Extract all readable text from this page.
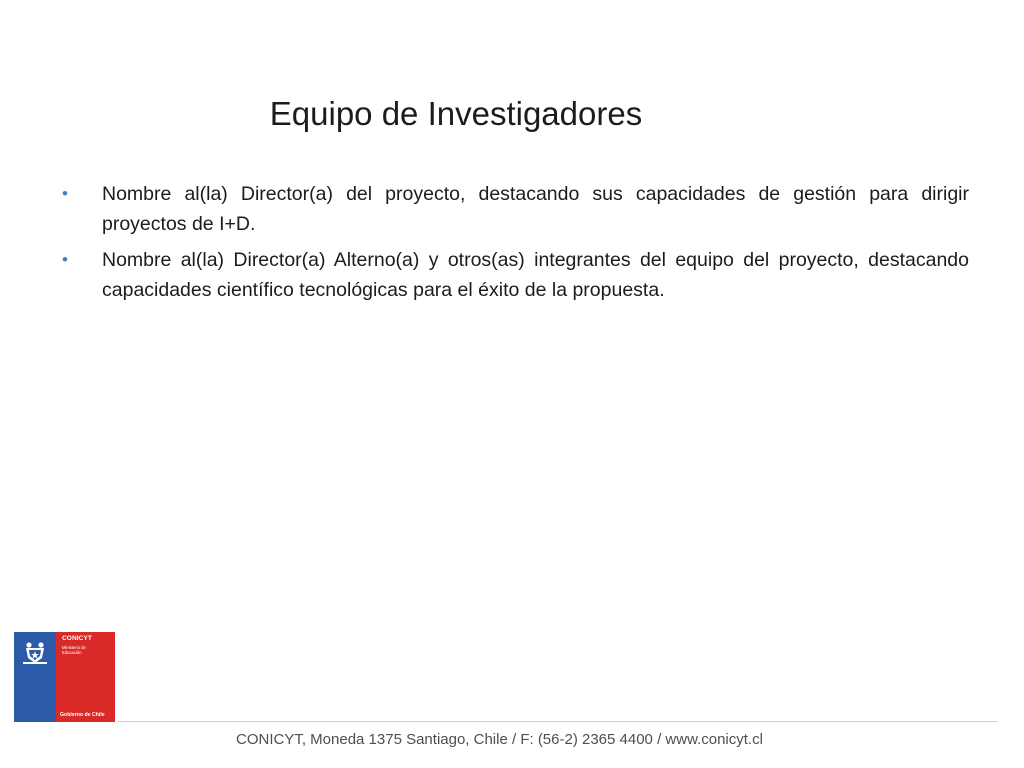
Equipo de Investigadores
•	Nombre al(la) Director(a) del proyecto, destacando sus capacidades de gestión para dirigir proyectos de I+D.
•	Nombre al(la) Director(a) Alterno(a) y otros(as) integrantes del equipo del proyecto, destacando capacidades científico tecnológicas para el éxito de la propuesta.
CONICYT
Ministerio de Educación
Gobierno de Chile
CONICYT, Moneda 1375 Santiago, Chile / F: (56-2) 2365 4400 / www.conicyt.cl
